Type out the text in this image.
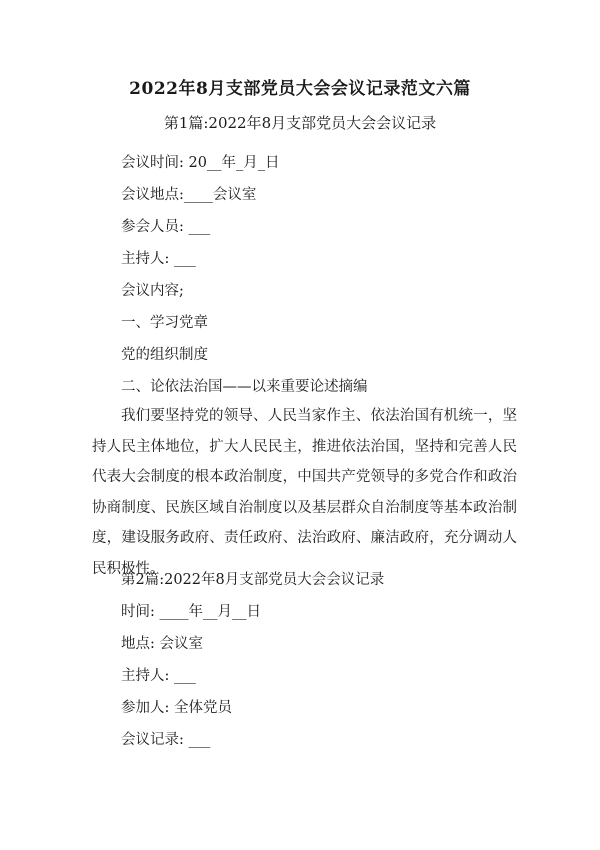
2022年8月支部党员大会会议记录范文六篇
第1篇:2022年8月支部党员大会会议记录
会议时间: 20__年_月_日
会议地点:____会议室
参会人员: ___
主持人: ___
会议内容;
一、学习党章
党的组织制度
二、论依法治国——以来重要论述摘编

我们要坚持党的领导、人民当家作主、依法治国有机统一，坚持人民主体地位，扩大人民民主，推进依法治国，坚持和完善人民代表大会制度的根本政治制度，中国共产党领导的多党合作和政治协商制度、民族区域自治制度以及基层群众自治制度等基本政治制度，建设服务政府、责任政府、法治政府、廉洁政府，充分调动人民积极性。

第2篇:2022年8月支部党员大会会议记录
时间: ____年__月__日
地点: 会议室
主持人: ___
参加人: 全体党员
会议记录: ___
